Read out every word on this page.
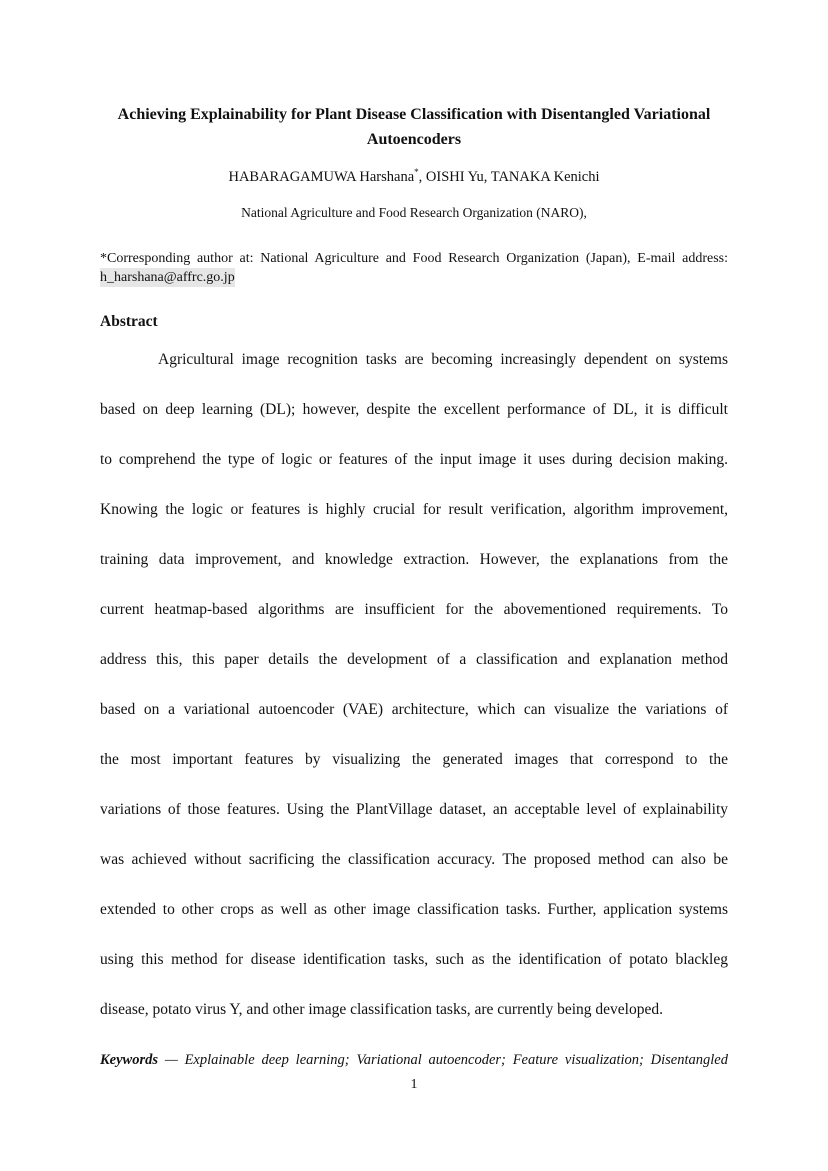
Achieving Explainability for Plant Disease Classification with Disentangled Variational
Autoencoders
HABARAGAMUWA Harshana*, OISHI Yu, TANAKA Kenichi
National Agriculture and Food Research Organization (NARO),
*Corresponding author at: National Agriculture and Food Research Organization (Japan), E-mail address:
h_harshana@affrc.go.jp
Abstract
Agricultural image recognition tasks are becoming increasingly dependent on systems
based on deep learning (DL); however, despite the excellent performance of DL, it is difficult
to comprehend the type of logic or features of the input image it uses during decision making.
Knowing the logic or features is highly crucial for result verification, algorithm improvement,
training data improvement, and knowledge extraction. However, the explanations from the
current heatmap-based algorithms are insufficient for the abovementioned requirements. To
address this, this paper details the development of a classification and explanation method
based on a variational autoencoder (VAE) architecture, which can visualize the variations of
the most important features by visualizing the generated images that correspond to the
variations of those features. Using the PlantVillage dataset, an acceptable level of explainability
was achieved without sacrificing the classification accuracy. The proposed method can also be
extended to other crops as well as other image classification tasks. Further, application systems
using this method for disease identification tasks, such as the identification of potato blackleg
disease, potato virus Y, and other image classification tasks, are currently being developed.
Keywords — Explainable deep learning; Variational autoencoder; Feature visualization; Disentangled
1
